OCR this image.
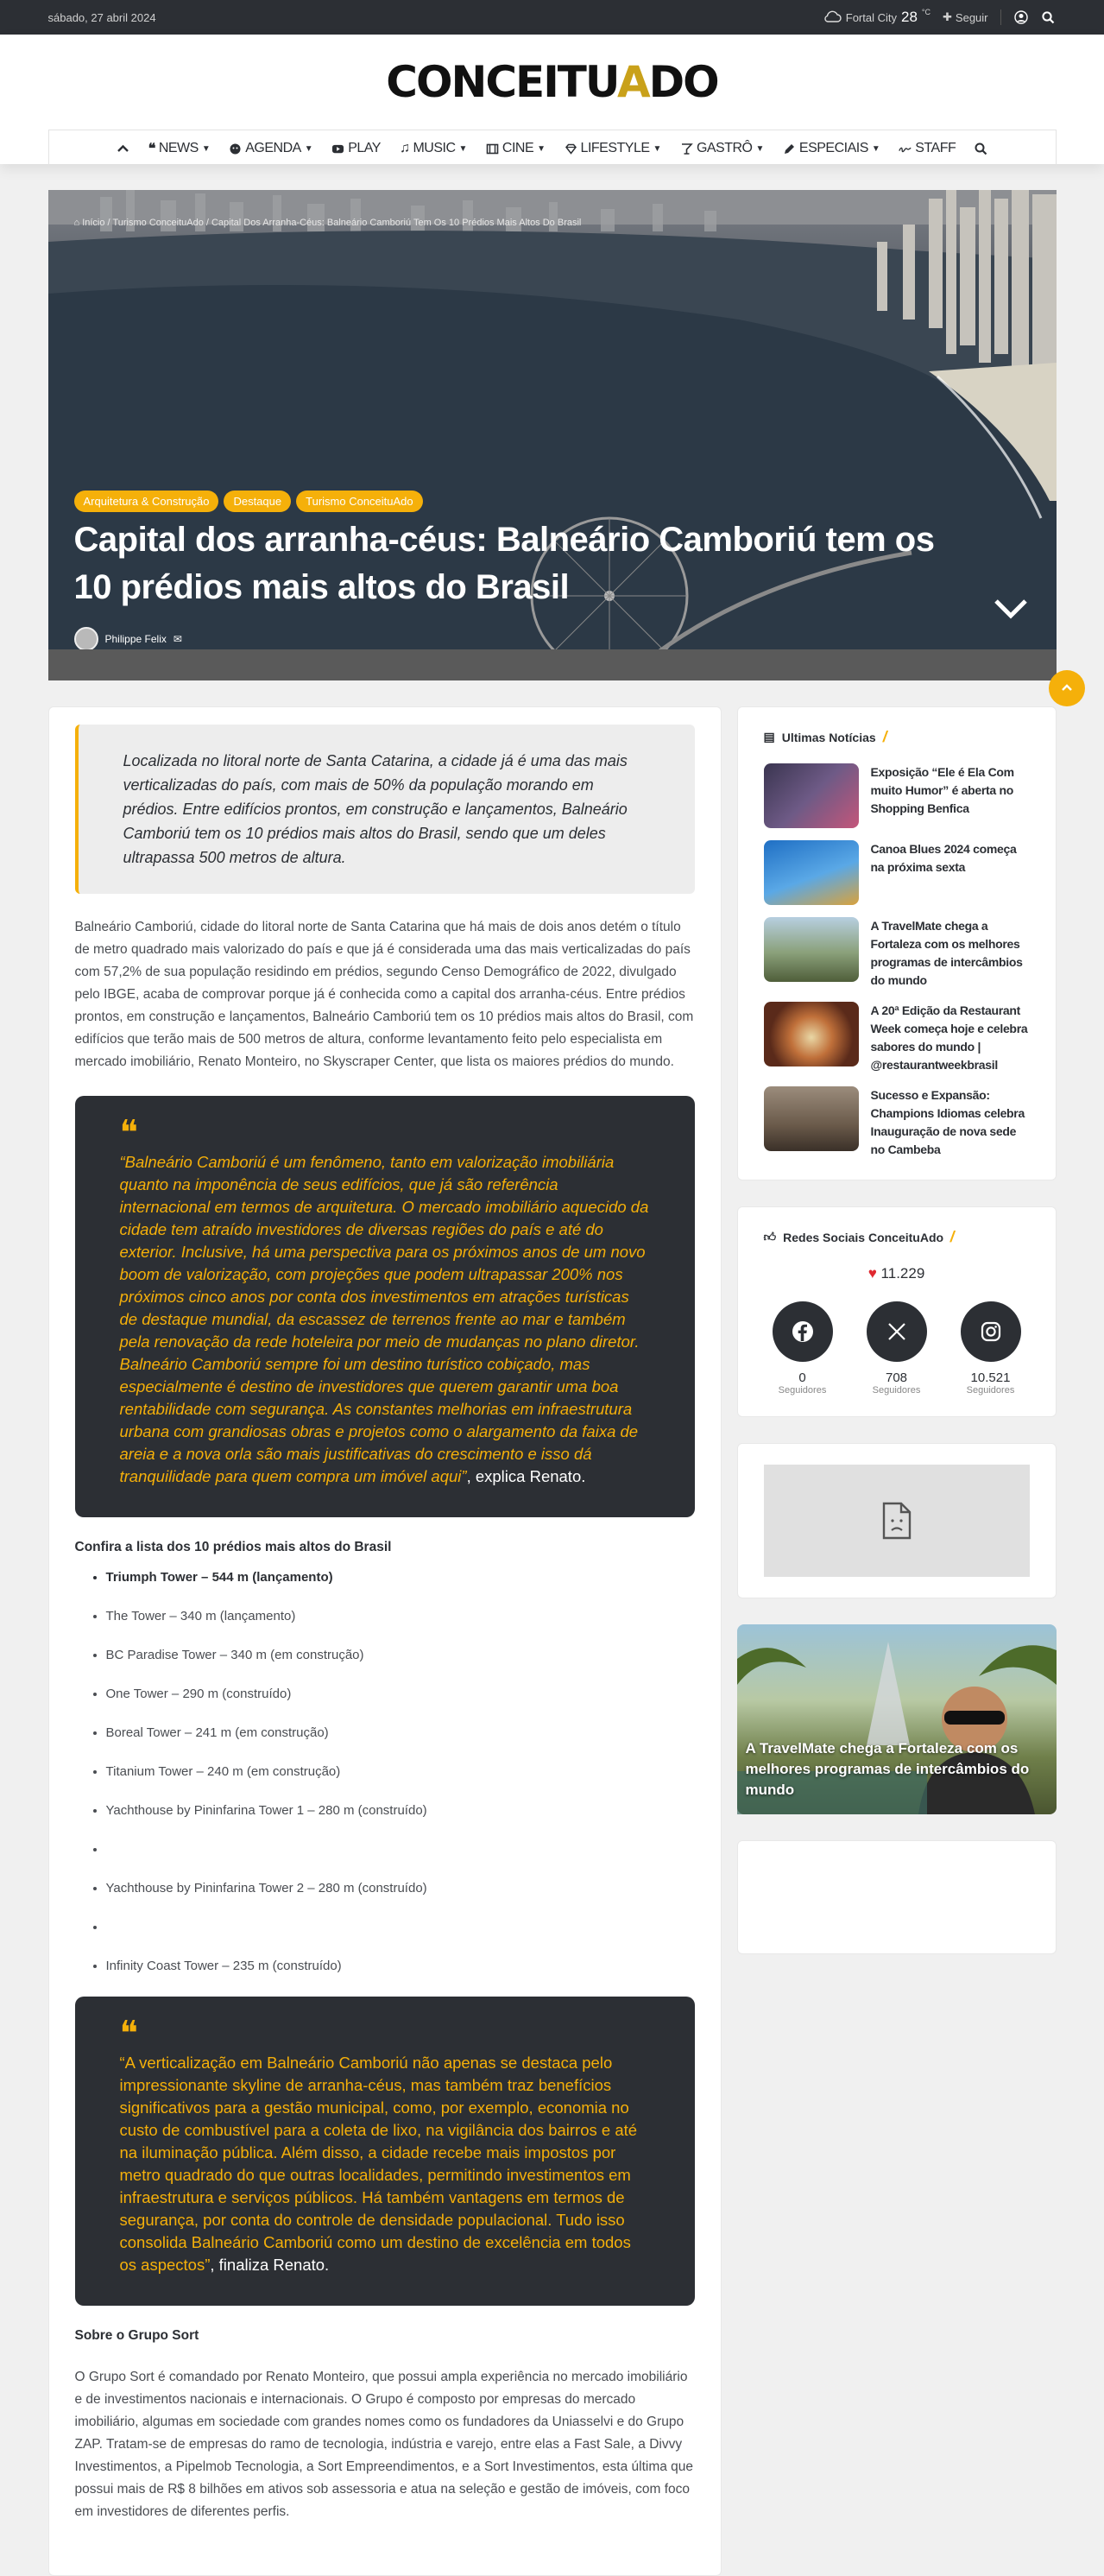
sábado, 27 abril 2024	Fortal City 28 °C ✚ Seguir
CONCEITUADO
❝ NEWS ▼	AGENDA ▼	PLAY ♫ MUSIC ▼	CINE ▼	LIFESTYLE ▼	GASTRÔ ▼	ESPECIAIS ▼	STAFF
⌂ Início / Turismo ConceituAdo / Capital Dos Arranha-Céus: Balneário Camboriú Tem Os 10 Prédios Mais Altos Do Brasil
Arquitetura & Construção	Destaque	Turismo ConceituAdo
Capital dos arranha-céus: Balneário Camboriú tem os 10 prédios mais altos do Brasil
Philippe Felix ✉
Localizada no litoral norte de Santa Catarina, a cidade já é uma das mais verticalizadas do país, com mais de 50% da população morando em prédios. Entre edifícios prontos, em construção e lançamentos, Balneário Camboriú tem os 10 prédios mais altos do Brasil, sendo que um deles ultrapassa 500 metros de altura.

Balneário Camboriú, cidade do litoral norte de Santa Catarina que há mais de dois anos detém o título de metro quadrado mais valorizado do país e que já é considerada uma das mais verticalizadas do país com 57,2% de sua população residindo em prédios, segundo Censo Demográfico de 2022, divulgado pelo IBGE, acaba de comprovar porque já é conhecida como a capital dos arranha-céus. Entre prédios prontos, em construção e lançamentos, Balneário Camboriú tem os 10 prédios mais altos do Brasil, com edifícios que terão mais de 500 metros de altura, conforme levantamento feito pelo especialista em mercado imobiliário, Renato Monteiro, no Skyscraper Center, que lista os maiores prédios do mundo.

❝

“Balneário Camboriú é um fenômeno, tanto em valorização imobiliária quanto na imponência de seus edifícios, que já são referência internacional em termos de arquitetura. O mercado imobiliário aquecido da cidade tem atraído investidores de diversas regiões do país e até do exterior. Inclusive, há uma perspectiva para os próximos anos de um novo boom de valorização, com projeções que podem ultrapassar 200% nos próximos cinco anos por conta dos investimentos em atrações turísticas de destaque mundial, da escassez de terrenos frente ao mar e também pela renovação da rede hoteleira por meio de mudanças no plano diretor. Balneário Camboriú sempre foi um destino turístico cobiçado, mas especialmente é destino de investidores que querem garantir uma boa rentabilidade com segurança. As constantes melhorias em infraestrutura urbana com grandiosas obras e projetos como o alargamento da faixa de areia e a nova orla são mais justificativas do crescimento e isso dá tranquilidade para quem compra um imóvel aqui”, explica Renato.

Confira a lista dos 10 prédios mais altos do Brasil

• Triumph Tower – 544 m (lançamento)
• The Tower – 340 m (lançamento)
• BC Paradise Tower – 340 m (em construção)
• One Tower – 290 m (construído)
• Boreal Tower – 241 m (em construção)
• Titanium Tower – 240 m (em construção)
• Yachthouse by Pininfarina Tower 1 – 280 m (construído)
•
• Yachthouse by Pininfarina Tower 2 – 280 m (construído)
•
• Infinity Coast Tower – 235 m (construído)
❝

“A verticalização em Balneário Camboriú não apenas se destaca pelo impressionante skyline de arranha-céus, mas também traz benefícios significativos para a gestão municipal, como, por exemplo, economia no custo de combustível para a coleta de lixo, na vigilância dos bairros e até na iluminação pública. Além disso, a cidade recebe mais impostos por metro quadrado do que outras localidades, permitindo investimentos em infraestrutura e serviços públicos. Há também vantagens em termos de segurança, por conta do controle de densidade populacional. Tudo isso consolida Balneário Camboriú como um destino de excelência em todos os aspectos”, finaliza Renato.

Sobre o Grupo Sort

O Grupo Sort é comandado por Renato Monteiro, que possui ampla experiência no mercado imobiliário e de investimentos nacionais e internacionais. O Grupo é composto por empresas do mercado imobiliário, algumas em sociedade com grandes nomes como os fundadores da Uniasselvi e do Grupo ZAP. Tratam-se de empresas do ramo de tecnologia, indústria e varejo, entre elas a Fast Sale, a Divvy Investimentos, a Pipelmob Tecnologia, a Sort Empreendimentos, e a Sort Investimentos, esta última que possui mais de R$ 8 bilhões em ativos sob assessoria e atua na seleção e gestão de imóveis, com foco em investidores de diferentes perfis.

▤ Ultimas Notícias /
Exposição “Ele é Ela Com muito Humor” é aberta no Shopping Benfica
Canoa Blues 2024 começa na próxima sexta
A TravelMate chega a Fortaleza com os melhores programas de intercâmbios do mundo
A 20ª Edição da Restaurant Week começa hoje e celebra sabores do mundo | @restaurantweekbrasil
Sucesso e Expansão: Champions Idiomas celebra Inauguração de nova sede no Cambeba
👍︎ Redes Sociais ConceituAdo /
♥ 11.229
0
Seguidores
708
Seguidores
10.521
Seguidores
A TravelMate chega a Fortaleza com os melhores programas de intercâmbios do mundo
